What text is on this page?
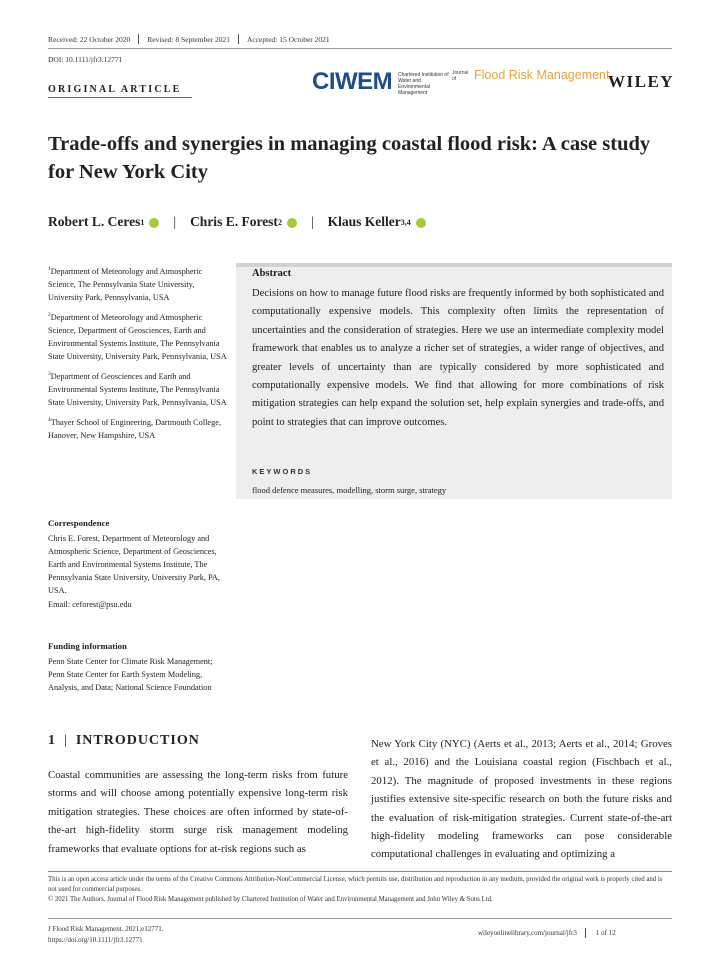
Received: 22 October 2020 Revised: 8 September 2021 Accepted: 15 October 2021
DOI: 10.1111/jfr3.12771
ORIGINAL ARTICLE	CIWEM Chartered Institution of Water and Environmental Management
Journal of	Flood Risk Management
WILEY
Trade-offs and synergies in managing coastal flood risk: A case study for New York City
Robert L. Ceres 1 | Chris E. Forest 2 | Klaus Keller 3,4
$^1$Department of Meteorology and Atmospheric Science, The Pennsylvania State University, University Park, Pennsylvania, USA
$^2$Department of Meteorology and Atmospheric Science, Department of Geosciences, Earth and Environmental Systems Institute, The Pennsylvania State University, University Park, Pennsylvania, USA
$^3$Department of Geosciences and Earth and Environmental Systems Institute, The Pennsylvania State University, University Park, Pennsylvania, USA
$^4$Thayer School of Engineering, Dartmouth College, Hanover, New Hampshire, USA
Correspondence
Chris E. Forest, Department of Meteorology and Atmospheric Science, Department of Geosciences, Earth and Environmental Systems Institute, The Pennsylvania State University, University Park, PA, USA.
Email: ceforest@psu.edu
Funding information
Penn State Center for Climate Risk Management; Penn State Center for Earth System Modeling, Analysis, and Data; National Science Foundation
Abstract
Decisions on how to manage future flood risks are frequently informed by both sophisticated and computationally expensive models. This complexity often limits the representation of uncertainties and the consideration of strategies. Here we use an intermediate complexity model framework that enables us to analyze a richer set of strategies, a wider range of objectives, and greater levels of uncertainty than are typically considered by more sophisticated and computationally expensive models. We find that allowing for more combinations of risk mitigation strategies can help expand the solution set, help explain synergies and trade-offs, and point to strategies that can improve outcomes.
KEYWORDS
flood defence measures, modelling, storm surge, strategy
1 | INTRODUCTION
Coastal communities are assessing the long-term risks from future storms and will choose among potentially expensive long-term risk mitigation strategies. These choices are often informed by state-of-the-art high-fidelity storm surge risk management modeling frameworks that evaluate options for at-risk regions such as
New York City (NYC) (Aerts et al., 2013; Aerts et al., 2014; Groves et al., 2016) and the Louisiana coastal region (Fischbach et al., 2012). The magnitude of proposed investments in these regions justifies extensive site-specific research on both the future risks and the evaluation of risk-mitigation strategies. Current state-of-the-art high-fidelity modeling frameworks can pose considerable computational challenges in evaluating and optimizing a
This is an open access article under the terms of the Creative Commons Attribution-NonCommercial License, which permits use, distribution and reproduction in any medium, provided the original work is properly cited and is not used for commercial purposes.
© 2021 The Authors. Journal of Flood Risk Management published by Chartered Institution of Water and Environmental Management and John Wiley & Sons Ltd.
J Flood Risk Management. 2021;e12771.
https://doi.org/10.1111/jfr3.12771
wileyonlinelibrary.com/journal/jfr3	1 of 12
